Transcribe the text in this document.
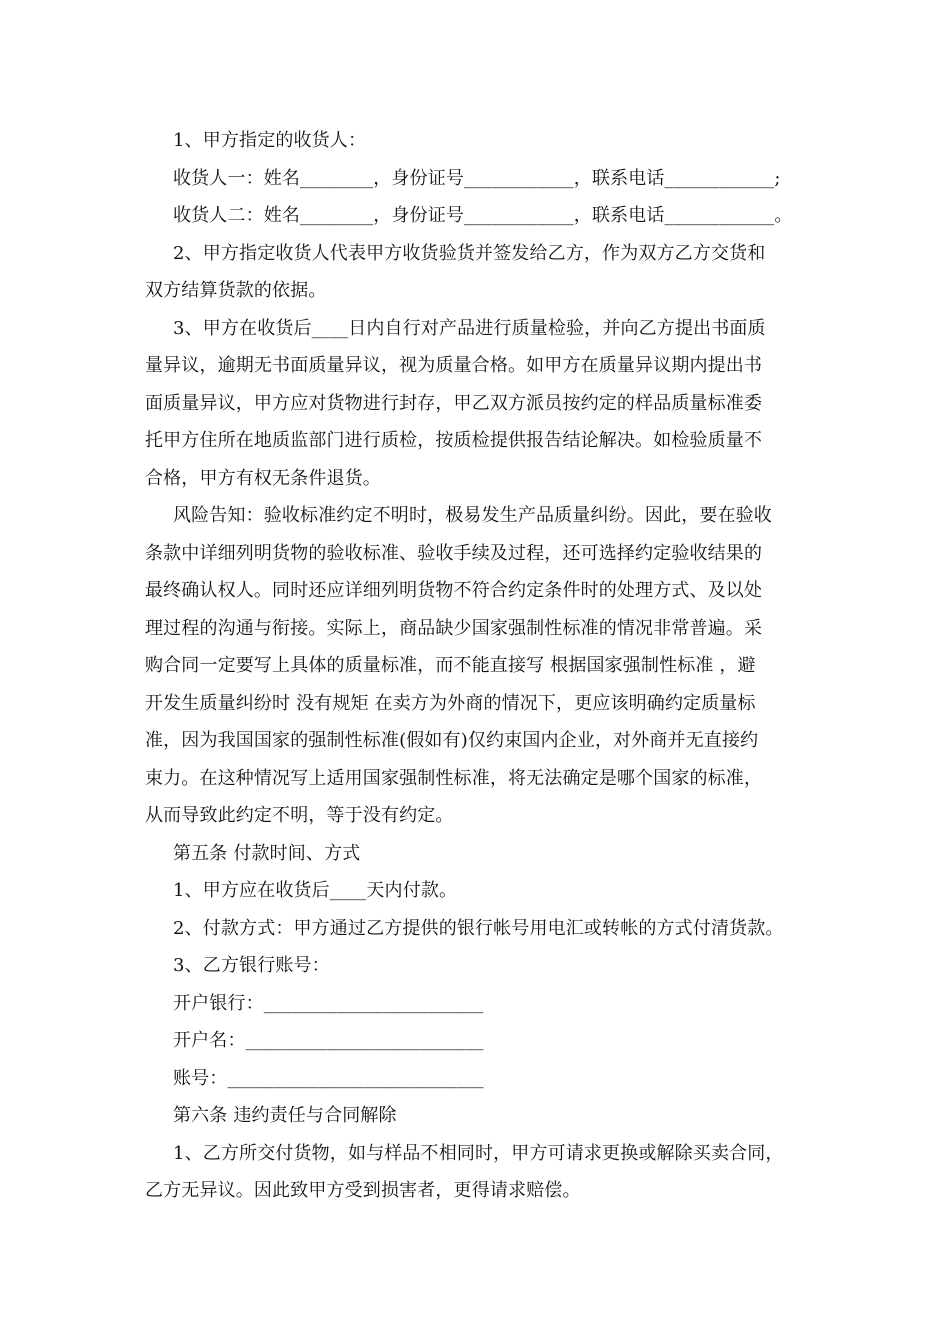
1、甲方指定的收货人：
收货人一：姓名________，身份证号____________，联系电话____________;
收货人二：姓名________，身份证号____________，联系电话____________。
2、甲方指定收货人代表甲方收货验货并签发给乙方，作为双方乙方交货和
双方结算货款的依据。
3、甲方在收货后____日内自行对产品进行质量检验，并向乙方提出书面质
量异议，逾期无书面质量异议，视为质量合格。如甲方在质量异议期内提出书
面质量异议，甲方应对货物进行封存，甲乙双方派员按约定的样品质量标准委
托甲方住所在地质监部门进行质检，按质检提供报告结论解决。如检验质量不
合格，甲方有权无条件退货。
风险告知：验收标准约定不明时，极易发生产品质量纠纷。因此，要在验收
条款中详细列明货物的验收标准、验收手续及过程，还可选择约定验收结果的
最终确认权人。同时还应详细列明货物不符合约定条件时的处理方式、及以处
理过程的沟通与衔接。实际上，商品缺少国家强制性标准的情况非常普遍。采
购合同一定要写上具体的质量标准，而不能直接写 根据国家强制性标准 ，避
开发生质量纠纷时 没有规矩 在卖方为外商的情况下，更应该明确约定质量标
准，因为我国国家的强制性标准(假如有)仅约束国内企业，对外商并无直接约
束力。在这种情况写上适用国家强制性标准，将无法确定是哪个国家的标准，
从而导致此约定不明，等于没有约定。
第五条 付款时间、方式
1、甲方应在收货后____天内付款。
2、付款方式：甲方通过乙方提供的银行帐号用电汇或转帐的方式付清货款。
3、乙方银行账号：
开户银行：________________________
开户名：__________________________
账号：____________________________
第六条 违约责任与合同解除
1、乙方所交付货物，如与样品不相同时，甲方可请求更换或解除买卖合同，
乙方无异议。因此致甲方受到损害者，更得请求赔偿。
